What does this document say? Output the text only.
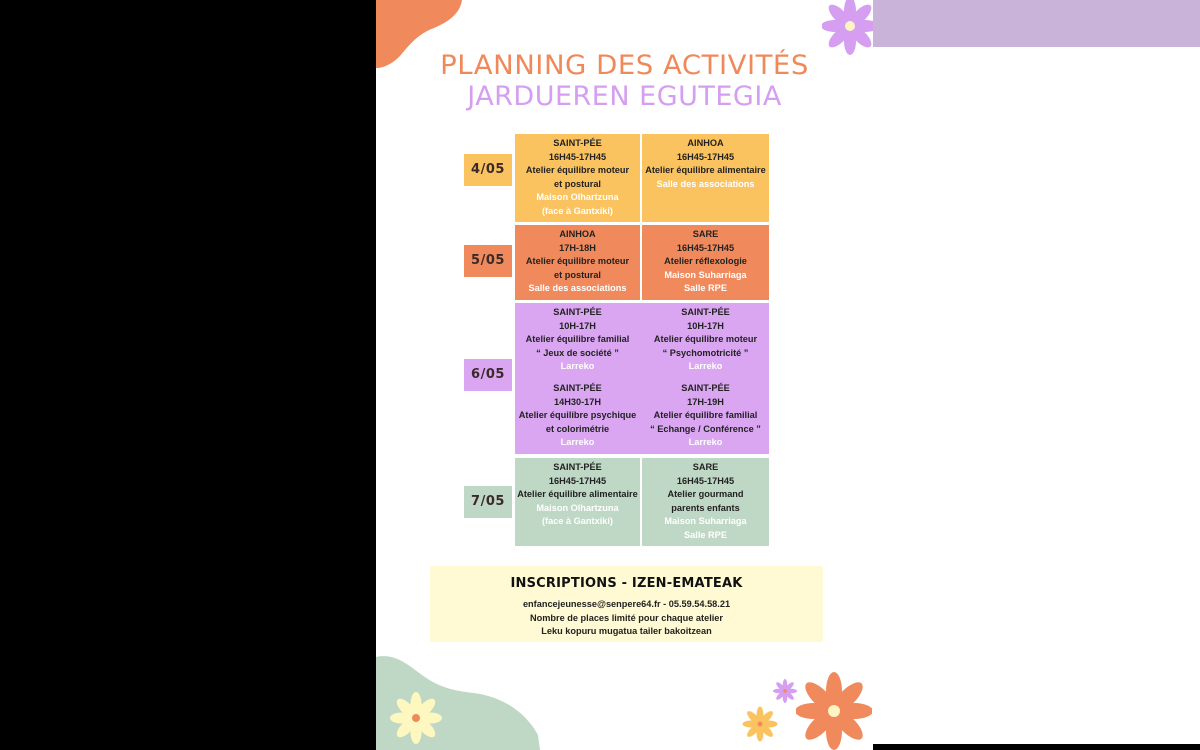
PLANNING DES ACTIVITÉS
JARDUEREN EGUTEGIA
4/05
SAINT-PÉE
16H45-17H45
Atelier équilibre moteur
et postural
Maison Olhartzuna
(face à Gantxiki)
AINHOA
16H45-17H45
Atelier équilibre alimentaire
Salle des associations
5/05
AINHOA
17H-18H
Atelier équilibre moteur
et postural
Salle des associations
SARE
16H45-17H45
Atelier réflexologie
Maison Suharriaga
Salle RPE
6/05
SAINT-PÉE
10H-17H
Atelier équilibre familial
“ Jeux de société ”
Larreko
SAINT-PÉE
10H-17H
Atelier équilibre moteur
“ Psychomotricité ”
Larreko
SAINT-PÉE
14H30-17H
Atelier équilibre psychique
et colorimétrie
Larreko
SAINT-PÉE
17H-19H
Atelier équilibre familial
“ Echange / Conférence ”
Larreko
7/05
SAINT-PÉE
16H45-17H45
Atelier équilibre alimentaire
Maison Olhartzuna
(face à Gantxiki)
SARE
16H45-17H45
Atelier gourmand
parents enfants
Maison Suharriaga
Salle RPE
INSCRIPTIONS - IZEN-EMATEAK
enfancejeunesse@senpere64.fr - 05.59.54.58.21
Nombre de places limité pour chaque atelier
Leku kopuru mugatua tailer bakoitzean
